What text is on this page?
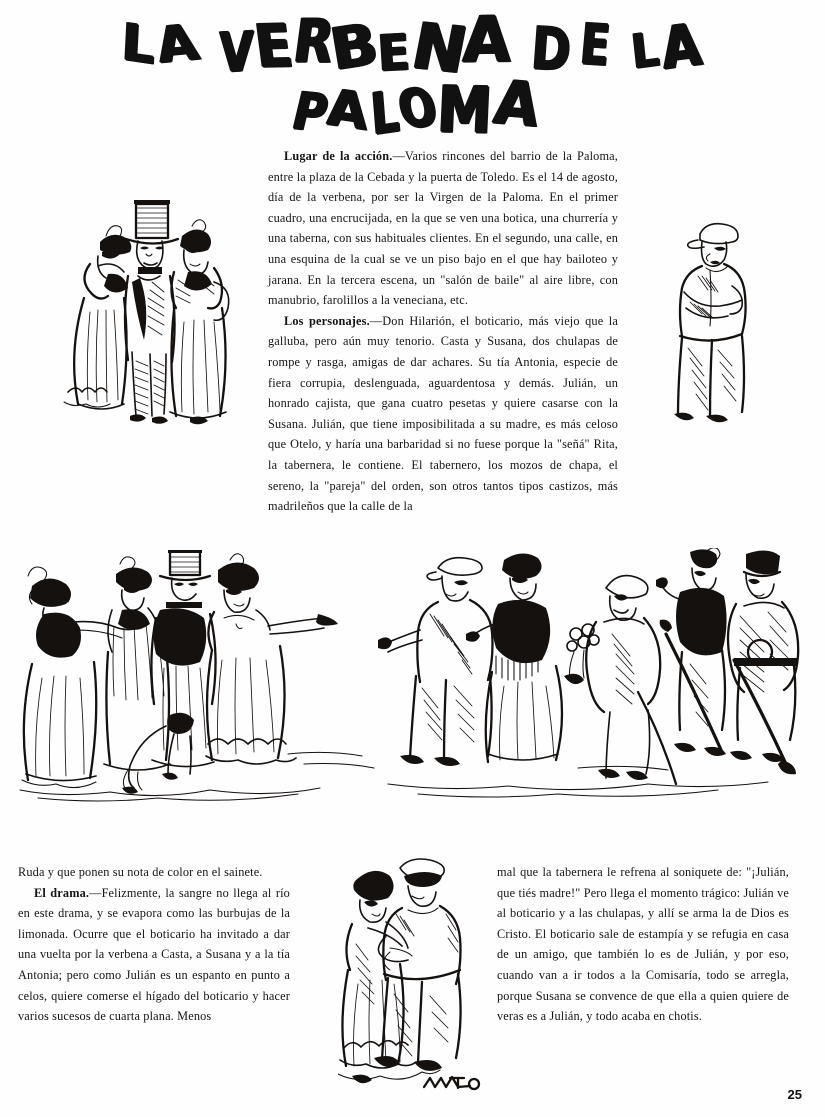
LA VERBENA D E LA
PALOMA

Lugar de la acción.—Varios rincones del barrio de la Paloma, entre la plaza de la Cebada y la puerta de Toledo. Es el 14 de agosto, día de la verbena, por ser la Virgen de la Paloma. En el primer cuadro, una encrucijada, en la que se ven una botica, una churrería y una taberna, con sus habituales clientes. En el segundo, una calle, en una esquina de la cual se ve un piso bajo en el que hay bailoteo y jarana. En la tercera escena, un "salón de baile" al aire libre, con manubrio, farolillos a la veneciana, etc.

Los personajes.—Don Hilarión, el boticario, más viejo que la galluba, pero aún muy tenorio. Casta y Susana, dos chulapas de rompe y rasga, amigas de dar achares. Su tía Antonia, especie de fiera corrupia, deslenguada, aguardentosa y demás. Julián, un honrado cajista, que gana cuatro pesetas y quiere casarse con la Susana. Julián, que tiene imposibilitada a su madre, es más celoso que Otelo, y haría una barbaridad si no fuese porque la "señá" Rita, la tabernera, le contiene. El tabernero, los mozos de chapa, el sereno, la "pareja" del orden, son otros tantos tipos castizos, más madrileños que la calle de la

Ruda y que ponen su nota de color en el sainete.

El drama.—Felizmente, la sangre no llega al río en este drama, y se evapora como las burbujas de la limonada. Ocurre que el boticario ha invitado a dar una vuelta por la verbena a Casta, a Susana y a la tía Antonia; pero como Julián es un espanto en punto a celos, quiere comerse el hígado del boticario y hacer varios sucesos de cuarta plana. Menos

mal que la tabernera le refrena al soniquete de: "¡Julián, que tiés madre!" Pero llega el momento trágico: Julián ve al boticario y a las chulapas, y allí se arma la de Dios es Cristo. El boticario sale de estampía y se refugia en casa de un amigo, que también lo es de Julián, y por eso, cuando van a ir todos a la Comisaría, todo se arregla, porque Susana se convence de que ella a quien quiere de veras es a Julián, y todo acaba en chotis.

25
